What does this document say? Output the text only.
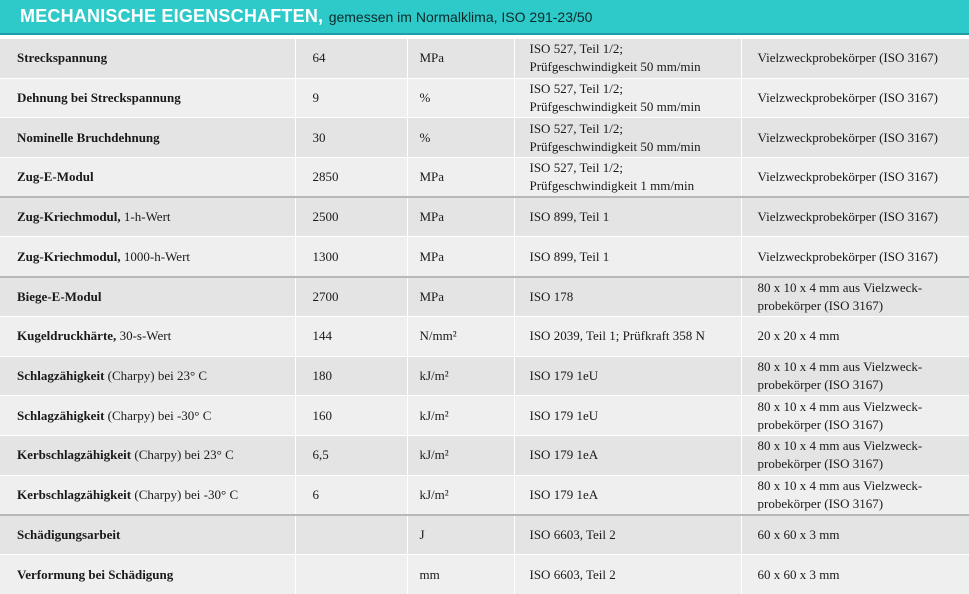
MECHANISCHE EIGENSCHAFTEN,
gemessen im Normalklima, ISO 291-23/50
Streckspannung	64	MPa	ISO 527, Teil 1/2;
Prüfgeschwindigkeit 50 mm/min	Vielzweckprobekörper (ISO 3167)

Dehnung bei Streckspannung	9	%	ISO 527, Teil 1/2;
Prüfgeschwindigkeit 50 mm/min	Vielzweckprobekörper (ISO 3167)

Nominelle Bruchdehnung	30	%	ISO 527, Teil 1/2;
Prüfgeschwindigkeit 50 mm/min	Vielzweckprobekörper (ISO 3167)

Zug-E-Modul	2850	MPa	ISO 527, Teil 1/2;
Prüfgeschwindigkeit 1 mm/min	Vielzweckprobekörper (ISO 3167)

Zug-Kriechmodul, 1-h-Wert	2500	MPa	ISO 899, Teil 1	Vielzweckprobekörper (ISO 3167)

Zug-Kriechmodul, 1000-h-Wert	1300	MPa	ISO 899, Teil 1	Vielzweckprobekörper (ISO 3167)

Biege-E-Modul	2700	MPa	ISO 178	80 x 10 x 4 mm aus Vielzweck-
probekörper (ISO 3167)

Kugeldruckhärte, 30-s-Wert	144	N/mm²	ISO 2039, Teil 1; Prüfkraft 358 N	20 x 20 x 4 mm

Schlagzähigkeit (Charpy) bei 23° C	180	kJ/m²	ISO 179 1eU	80 x 10 x 4 mm aus Vielzweck-
probekörper (ISO 3167)

Schlagzähigkeit (Charpy) bei -30° C	160	kJ/m²	ISO 179 1eU	80 x 10 x 4 mm aus Vielzweck-
probekörper (ISO 3167)

Kerbschlagzähigkeit (Charpy) bei 23° C	6,5	kJ/m²	ISO 179 1eA	80 x 10 x 4 mm aus Vielzweck-
probekörper (ISO 3167)

Kerbschlagzähigkeit (Charpy) bei -30° C	6	kJ/m²	ISO 179 1eA	80 x 10 x 4 mm aus Vielzweck-
probekörper (ISO 3167)

Schädigungsarbeit		J	ISO 6603, Teil 2	60 x 60 x 3 mm

Verformung bei Schädigung		mm	ISO 6603, Teil 2	60 x 60 x 3 mm
